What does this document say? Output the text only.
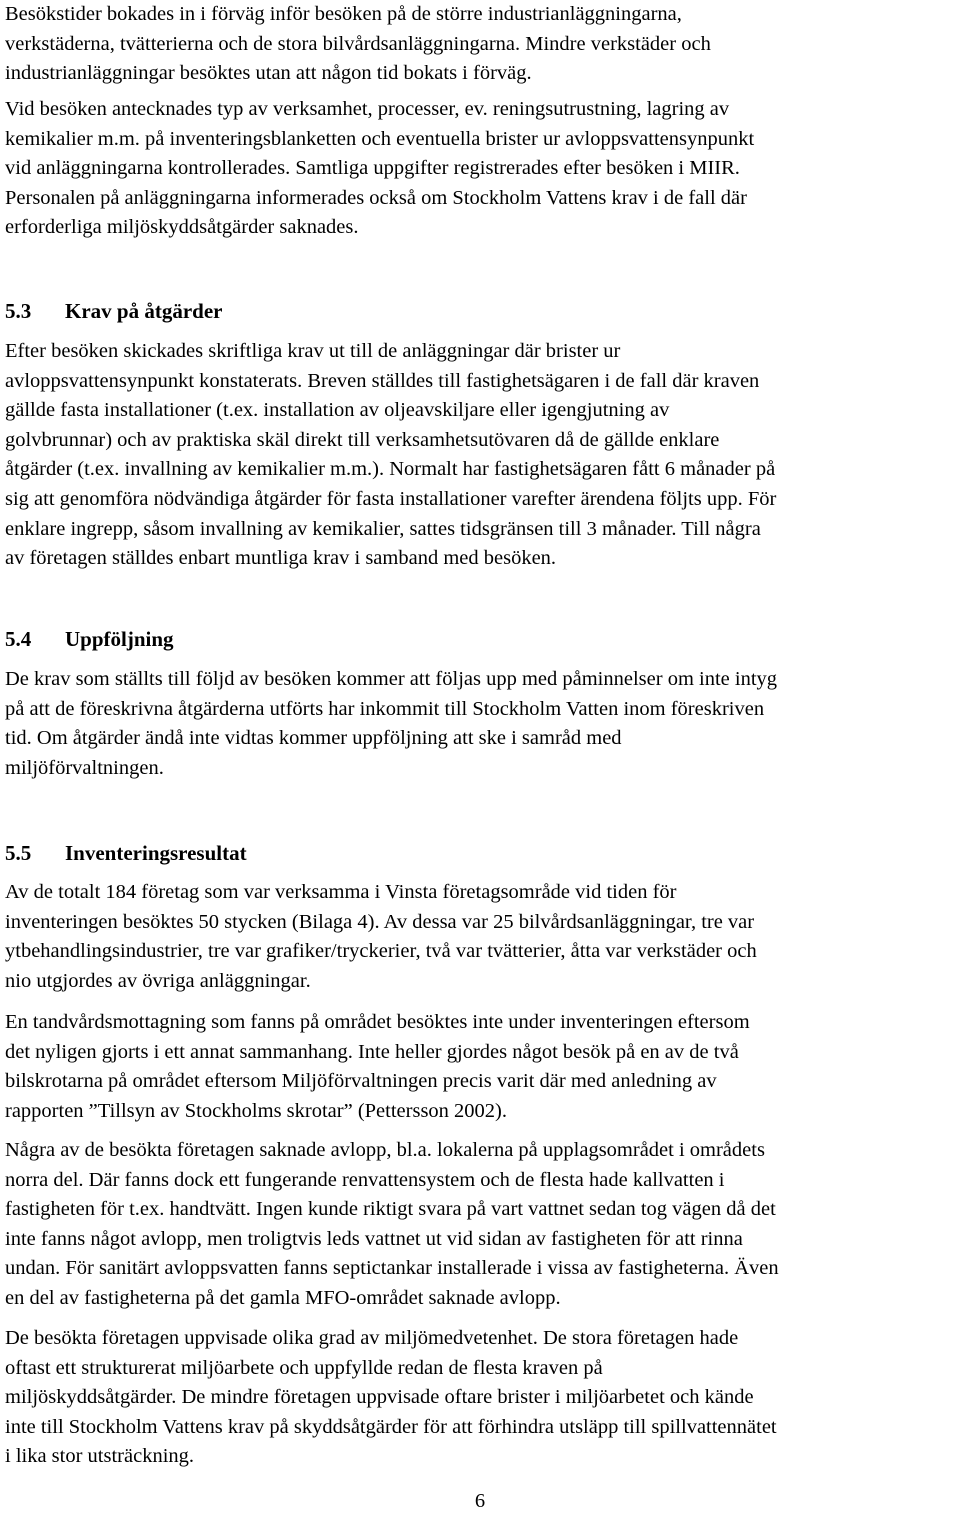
Besökstider bokades in i förväg inför besöken på de större industrianläggningarna,
verkstäderna, tvätterierna och de stora bilvårdsanläggningarna. Mindre verkstäder och
industrianläggningar besöktes utan att någon tid bokats i förväg.

Vid besöken antecknades typ av verksamhet, processer, ev. reningsutrustning, lagring av
kemikalier m.m. på inventeringsblanketten och eventuella brister ur avloppsvattensynpunkt
vid anläggningarna kontrollerades. Samtliga uppgifter registrerades efter besöken i MIIR.
Personalen på anläggningarna informerades också om Stockholm Vattens krav i de fall där
erforderliga miljöskyddsåtgärder saknades.

5.3 Krav på åtgärder

Efter besöken skickades skriftliga krav ut till de anläggningar där brister ur
avloppsvattensynpunkt konstaterats. Breven ställdes till fastighetsägaren i de fall där kraven
gällde fasta installationer (t.ex. installation av oljeavskiljare eller igengjutning av
golvbrunnar) och av praktiska skäl direkt till verksamhetsutövaren då de gällde enklare
åtgärder (t.ex. invallning av kemikalier m.m.). Normalt har fastighetsägaren fått 6 månader på
sig att genomföra nödvändiga åtgärder för fasta installationer varefter ärendena följts upp. För
enklare ingrepp, såsom invallning av kemikalier, sattes tidsgränsen till 3 månader. Till några
av företagen ställdes enbart muntliga krav i samband med besöken.

5.4 Uppföljning

De krav som ställts till följd av besöken kommer att följas upp med påminnelser om inte intyg
på att de föreskrivna åtgärderna utförts har inkommit till Stockholm Vatten inom föreskriven
tid. Om åtgärder ändå inte vidtas kommer uppföljning att ske i samråd med
miljöförvaltningen.

5.5 Inventeringsresultat

Av de totalt 184 företag som var verksamma i Vinsta företagsområde vid tiden för
inventeringen besöktes 50 stycken (Bilaga 4). Av dessa var 25 bilvårdsanläggningar, tre var
ytbehandlingsindustrier, tre var grafiker/tryckerier, två var tvätterier, åtta var verkstäder och
nio utgjordes av övriga anläggningar.

En tandvårdsmottagning som fanns på området besöktes inte under inventeringen eftersom
det nyligen gjorts i ett annat sammanhang. Inte heller gjordes något besök på en av de två
bilskrotarna på området eftersom Miljöförvaltningen precis varit där med anledning av
rapporten ”Tillsyn av Stockholms skrotar” (Pettersson 2002).

Några av de besökta företagen saknade avlopp, bl.a. lokalerna på upplagsområdet i områdets
norra del. Där fanns dock ett fungerande renvattensystem och de flesta hade kallvatten i
fastigheten för t.ex. handtvätt. Ingen kunde riktigt svara på vart vattnet sedan tog vägen då det
inte fanns något avlopp, men troligtvis leds vattnet ut vid sidan av fastigheten för att rinna
undan. För sanitärt avloppsvatten fanns septictankar installerade i vissa av fastigheterna. Även
en del av fastigheterna på det gamla MFO-området saknade avlopp.

De besökta företagen uppvisade olika grad av miljömedvetenhet. De stora företagen hade
oftast ett strukturerat miljöarbete och uppfyllde redan de flesta kraven på
miljöskyddsåtgärder. De mindre företagen uppvisade oftare brister i miljöarbetet och kände
inte till Stockholm Vattens krav på skyddsåtgärder för att förhindra utsläpp till spillvattennätet
i lika stor utsträckning.

6
